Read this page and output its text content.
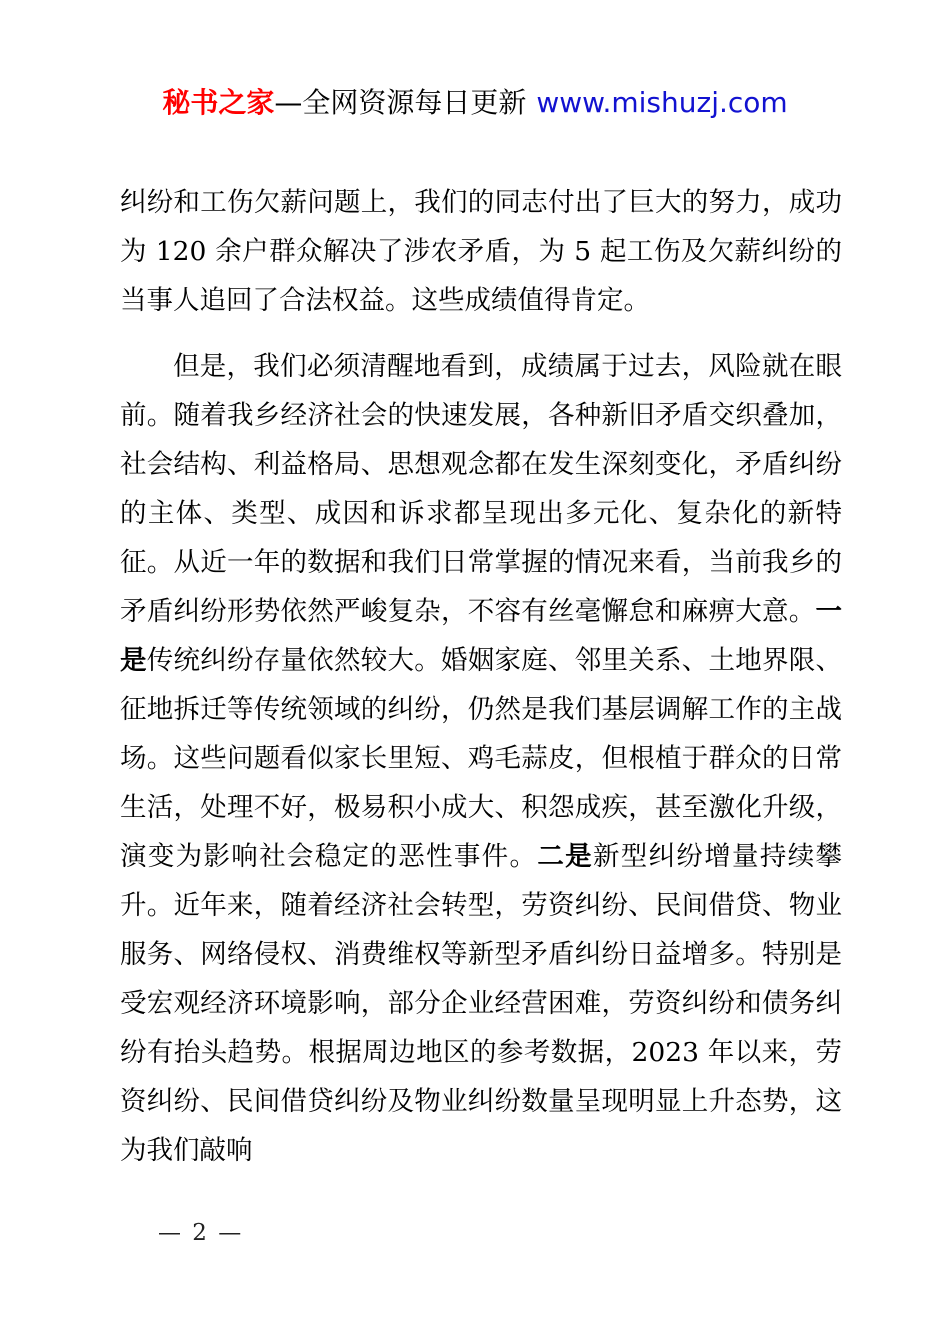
秘书之家—全网资源每日更新 www.mishuzj.com
纠纷和工伤欠薪问题上，我们的同志付出了巨大的努力，成功为 120 余户群众解决了涉农矛盾，为 5 起工伤及欠薪纠纷的当事人追回了合法权益。这些成绩值得肯定。
但是，我们必须清醒地看到，成绩属于过去，风险就在眼前。随着我乡经济社会的快速发展，各种新旧矛盾交织叠加，社会结构、利益格局、思想观念都在发生深刻变化，矛盾纠纷的主体、类型、成因和诉求都呈现出多元化、复杂化的新特征。从近一年的数据和我们日常掌握的情况来看，当前我乡的矛盾纠纷形势依然严峻复杂，不容有丝毫懈怠和麻痹大意。一是传统纠纷存量依然较大。婚姻家庭、邻里关系、土地界限、征地拆迁等传统领域的纠纷，仍然是我们基层调解工作的主战场。这些问题看似家长里短、鸡毛蒜皮，但根植于群众的日常生活，处理不好，极易积小成大、积怨成疾，甚至激化升级，演变为影响社会稳定的恶性事件。二是新型纠纷增量持续攀升。近年来，随着经济社会转型，劳资纠纷、民间借贷、物业服务、网络侵权、消费维权等新型矛盾纠纷日益增多。特别是受宏观经济环境影响，部分企业经营困难，劳资纠纷和债务纠纷有抬头趋势。根据周边地区的参考数据，2023 年以来，劳资纠纷、民间借贷纠纷及物业纠纷数量呈现明显上升态势，这为我们敲响
— 2 —
